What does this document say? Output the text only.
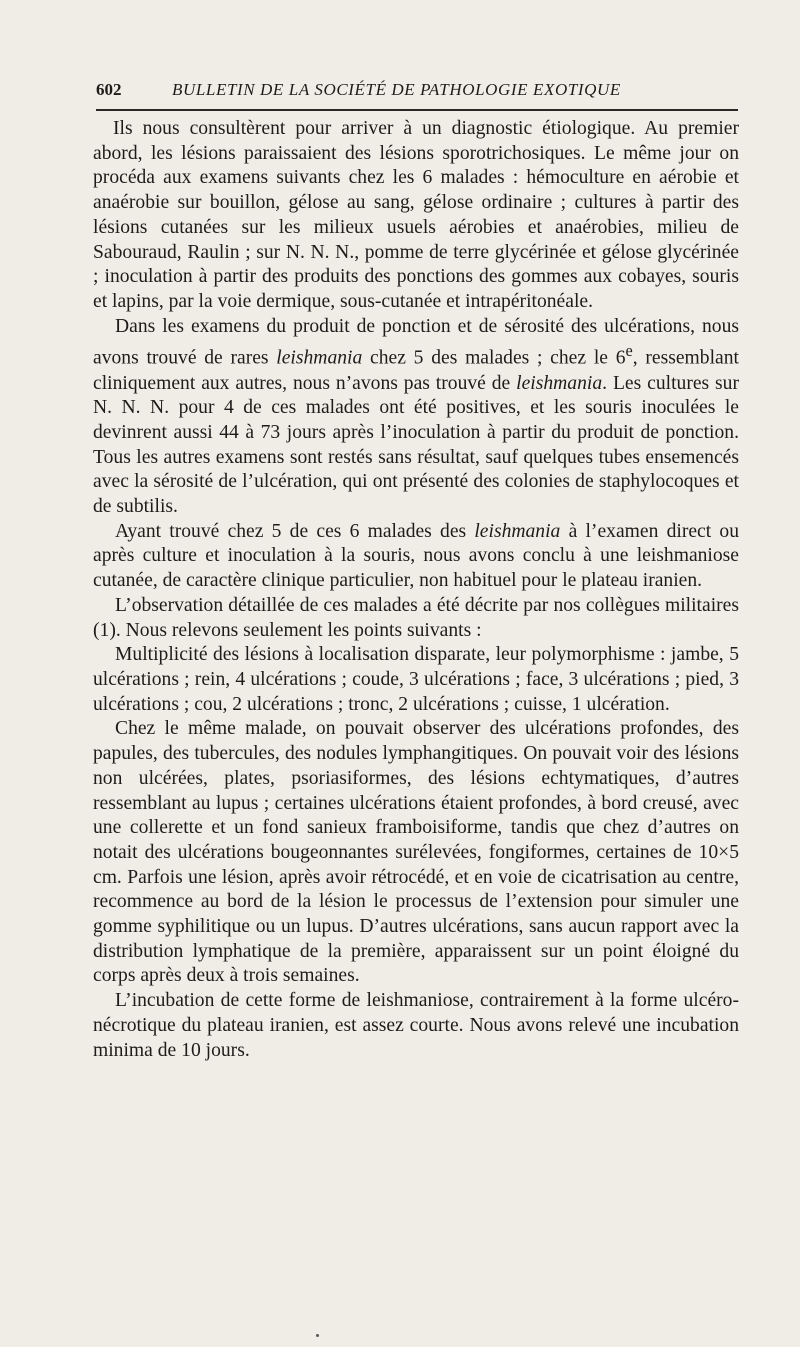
602	BULLETIN DE LA SOCIÉTÉ DE PATHOLOGIE EXOTIQUE

Ils nous consultèrent pour arriver à un diagnostic étiologique. Au premier abord, les lésions paraissaient des lésions sporotrichosiques. Le même jour on procéda aux examens suivants chez les 6 malades : hémoculture en aérobie et anaérobie sur bouillon, gélose au sang, gélose ordinaire ; cultures à partir des lésions cutanées sur les milieux usuels aérobies et anaérobies, milieu de Sabouraud, Raulin ; sur N. N. N., pomme de terre glycérinée et gélose glycérinée ; inoculation à partir des produits des ponctions des gommes aux cobayes, souris et lapins, par la voie dermique, sous-cutanée et intrapéritonéale.

Dans les examens du produit de ponction et de sérosité des ulcérations, nous avons trouvé de rares leishmania chez 5 des malades ; chez le 6e, ressemblant cliniquement aux autres, nous n’avons pas trouvé de leishmania. Les cultures sur N. N. N. pour 4 de ces malades ont été positives, et les souris inoculées le devinrent aussi 44 à 73 jours après l’inoculation à partir du produit de ponction. Tous les autres examens sont restés sans résultat, sauf quelques tubes ensemencés avec la sérosité de l’ulcération, qui ont présenté des colonies de staphylocoques et de subtilis.

Ayant trouvé chez 5 de ces 6 malades des leishmania à l’examen direct ou après culture et inoculation à la souris, nous avons conclu à une leishmaniose cutanée, de caractère clinique particulier, non habituel pour le plateau iranien.

L’observation détaillée de ces malades a été décrite par nos collègues militaires (1). Nous relevons seulement les points suivants :

Multiplicité des lésions à localisation disparate, leur polymorphisme : jambe, 5 ulcérations ; rein, 4 ulcérations ; coude, 3 ulcérations ; face, 3 ulcérations ; pied, 3 ulcérations ; cou, 2 ulcérations ; tronc, 2 ulcérations ; cuisse, 1 ulcération.

Chez le même malade, on pouvait observer des ulcérations profondes, des papules, des tubercules, des nodules lymphangitiques. On pouvait voir des lésions non ulcérées, plates, psoriasiformes, des lésions echtymatiques, d’autres ressemblant au lupus ; certaines ulcérations étaient profondes, à bord creusé, avec une collerette et un fond sanieux framboisiforme, tandis que chez d’autres on notait des ulcérations bougeonnantes surélevées, fongiformes, certaines de 10×5 cm. Parfois une lésion, après avoir rétrocédé, et en voie de cicatrisation au centre, recommence au bord de la lésion le processus de l’extension pour simuler une gomme syphilitique ou un lupus. D’autres ulcérations, sans aucun rapport avec la distribution lymphatique de la première, apparaissent sur un point éloigné du corps après deux à trois semaines.

L’incubation de cette forme de leishmaniose, contrairement à la forme ulcéro-nécrotique du plateau iranien, est assez courte. Nous avons relevé une incubation minima de 10 jours.
